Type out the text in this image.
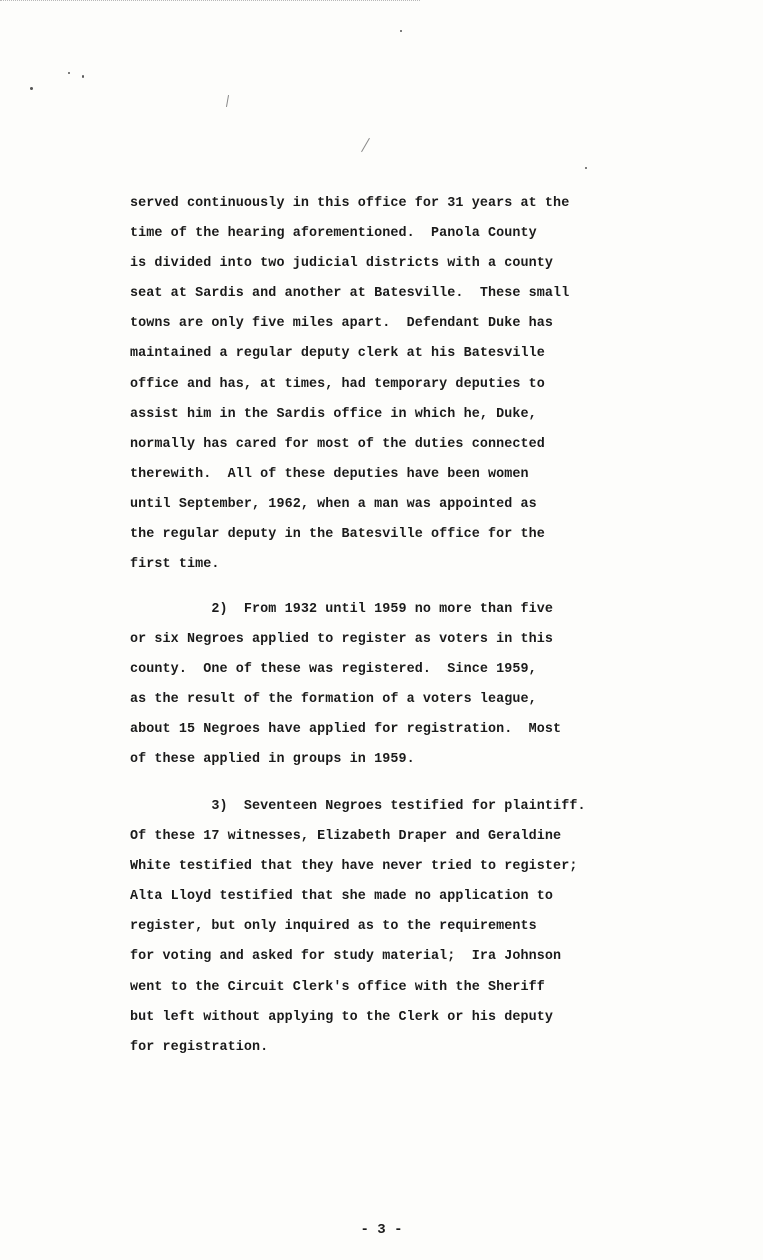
served continuously in this office for 31 years at the
time of the hearing aforementioned.  Panola County
is divided into two judicial districts with a county
seat at Sardis and another at Batesville.  These small
towns are only five miles apart.  Defendant Duke has
maintained a regular deputy clerk at his Batesville
office and has, at times, had temporary deputies to
assist him in the Sardis office in which he, Duke,
normally has cared for most of the duties connected
therewith.  All of these deputies have been women
until September, 1962, when a man was appointed as
the regular deputy in the Batesville office for the
first time.
2)  From 1932 until 1959 no more than five
or six Negroes applied to register as voters in this
county.  One of these was registered.  Since 1959,
as the result of the formation of a voters league,
about 15 Negroes have applied for registration.  Most
of these applied in groups in 1959.
3)  Seventeen Negroes testified for plaintiff.
Of these 17 witnesses, Elizabeth Draper and Geraldine
White testified that they have never tried to register;
Alta Lloyd testified that she made no application to
register, but only inquired as to the requirements
for voting and asked for study material;  Ira Johnson
went to the Circuit Clerk's office with the Sheriff
but left without applying to the Clerk or his deputy
for registration.
- 3 -
